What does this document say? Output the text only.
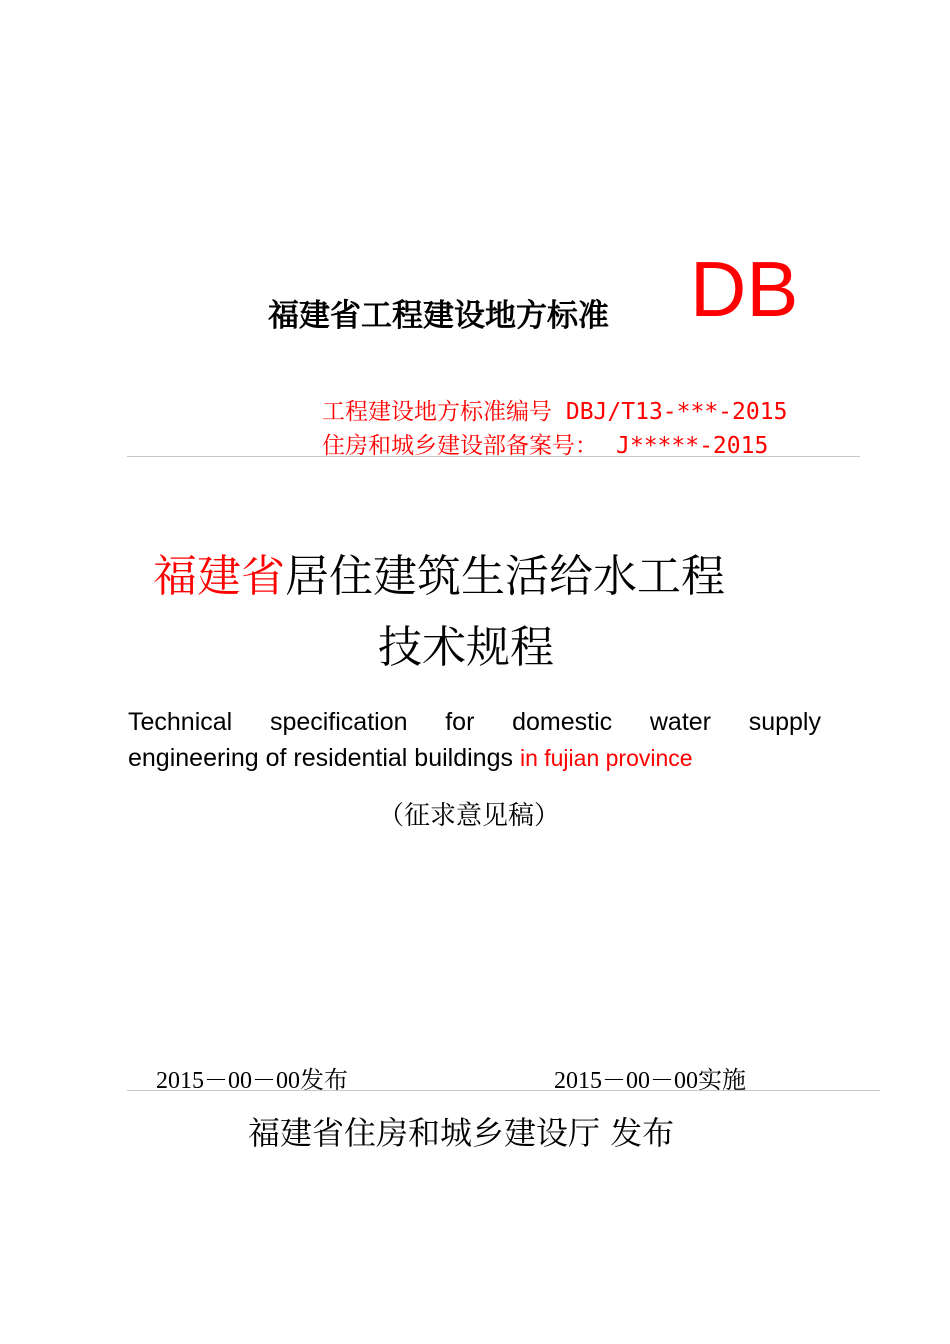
福建省工程建设地方标准 DB
工程建设地方标准编号 DBJ/T13-***-2015
住房和城乡建设部备案号： J*****-2015
福建省居住建筑生活给水工程
技术规程
Technical specification for domestic water supply
engineering of residential buildings in fujian province
（征求意见稿）
2015－00－00发布	2015－00－00实施
福建省住房和城乡建设厅 发布
